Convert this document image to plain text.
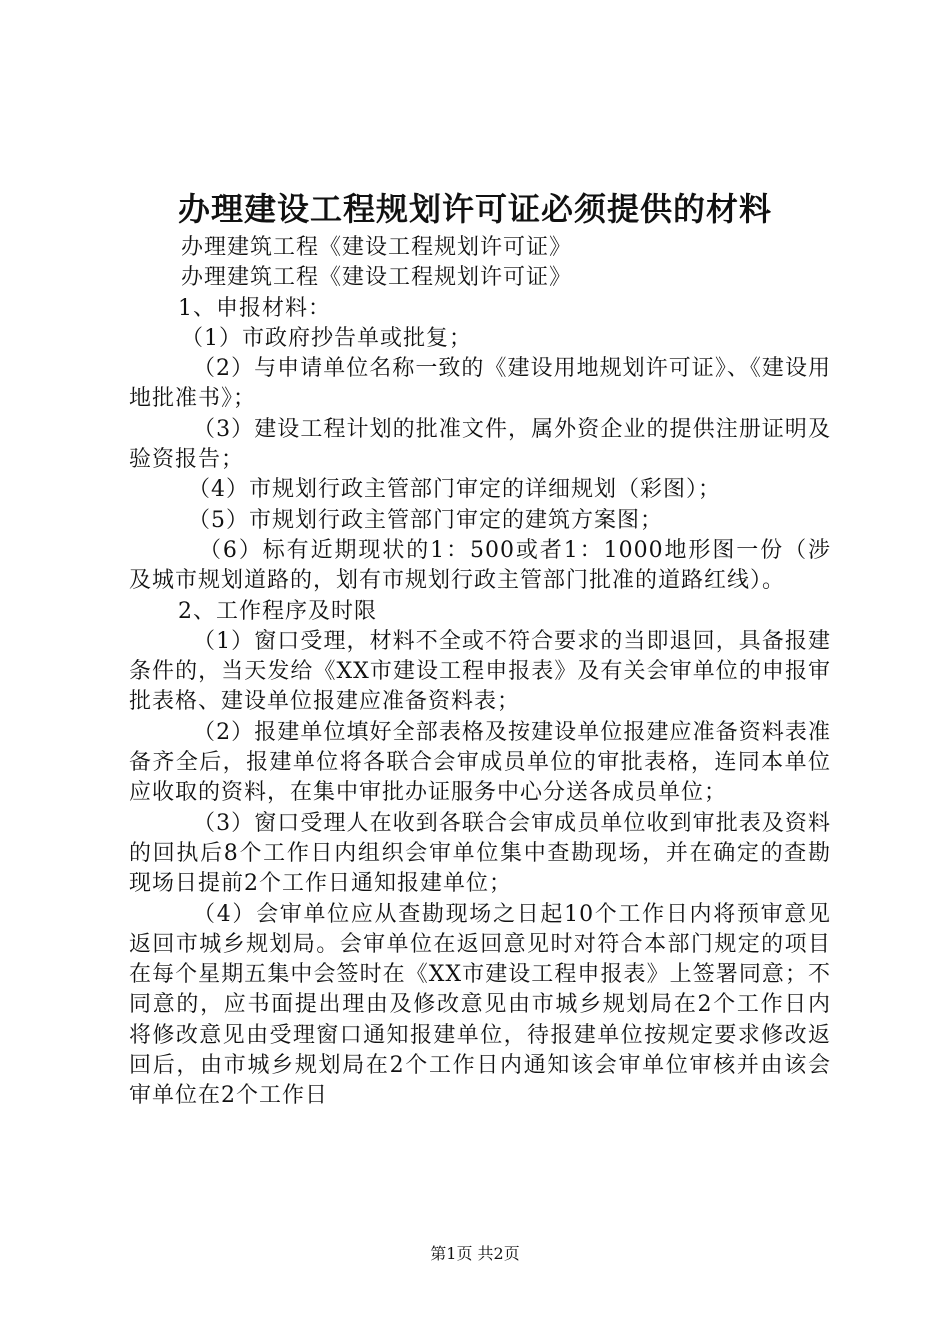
办理建设工程规划许可证必须提供的材料

办理建筑工程《建设工程规划许可证》

办理建筑工程《建设工程规划许可证》

1、申报材料：

（1）市政府抄告单或批复；

（2）与申请单位名称一致的《建设用地规划许可证》、《建设用地批准书》；

（3）建设工程计划的批准文件，属外资企业的提供注册证明及验资报告；

（4）市规划行政主管部门审定的详细规划（彩图）；

（5）市规划行政主管部门审定的建筑方案图；

（6）标有近期现状的1：500或者1：1000地形图一份（涉及城市规划道路的，划有市规划行政主管部门批准的道路红线）。

2、工作程序及时限

（1）窗口受理，材料不全或不符合要求的当即退回，具备报建条件的，当天发给《XX市建设工程申报表》及有关会审单位的申报审批表格、建设单位报建应准备资料表；

（2）报建单位填好全部表格及按建设单位报建应准备资料表准备齐全后，报建单位将各联合会审成员单位的审批表格，连同本单位应收取的资料，在集中审批办证服务中心分送各成员单位；

（3）窗口受理人在收到各联合会审成员单位收到审批表及资料的回执后8个工作日内组织会审单位集中查勘现场，并在确定的查勘现场日提前2个工作日通知报建单位；

（4）会审单位应从查勘现场之日起10个工作日内将预审意见返回市城乡规划局。会审单位在返回意见时对符合本部门规定的项目在每个星期五集中会签时在《XX市建设工程申报表》上签署同意；不同意的，应书面提出理由及修改意见由市城乡规划局在2个工作日内将修改意见由受理窗口通知报建单位，待报建单位按规定要求修改返回后，由市城乡规划局在2个工作日内通知该会审单位审核并由该会审单位在2个工作日

第1页 共2页
